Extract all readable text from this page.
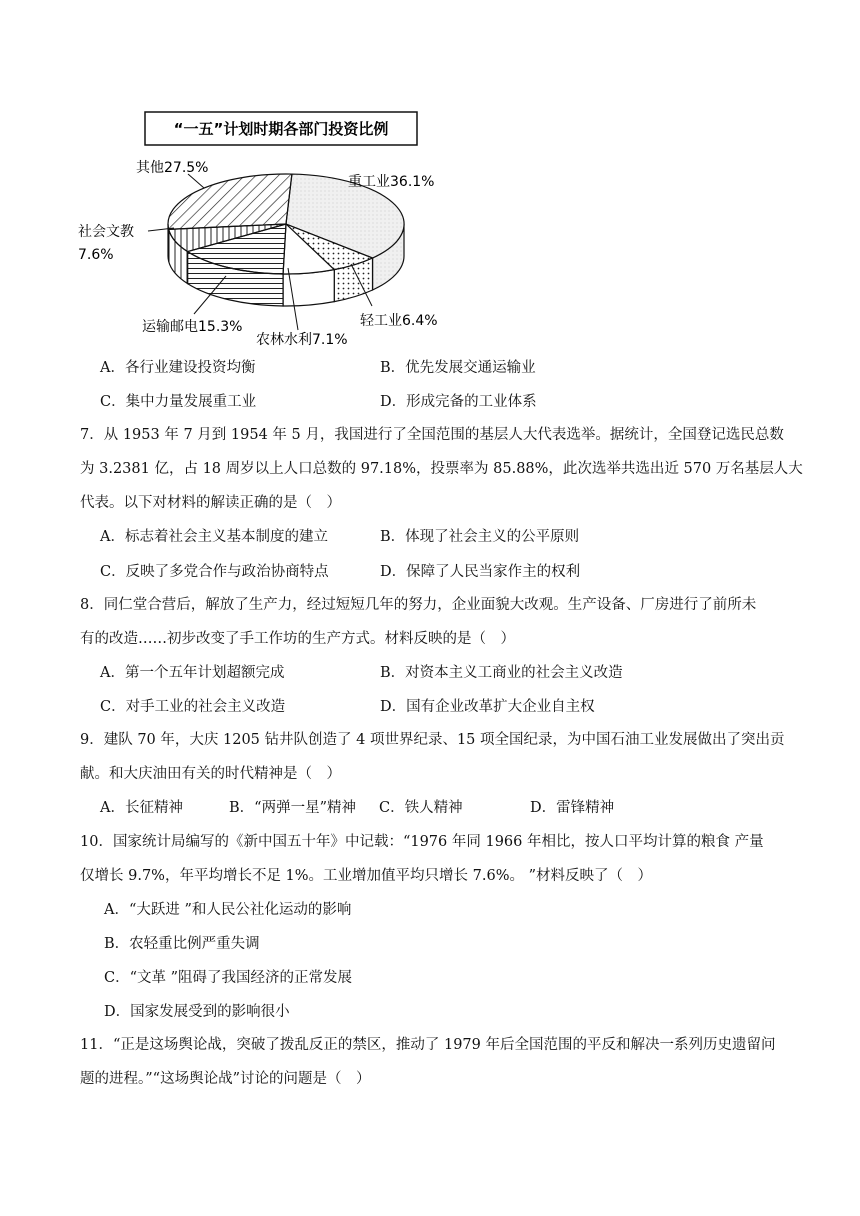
“一五”计划时期各部门投资比例
重工业36.1%
轻工业6.4%
农林水利7.1%
运输邮电15.3%
社会文教
7.6%
其他27.5%
A．各行业建设投资均衡	B．优先发展交通运输业
C．集中力量发展重工业	D．形成完备的工业体系

7．从 1953 年 7 月到 1954 年 5 月，我国进行了全国范围的基层人大代表选举。据统计，全国登记选民总数

为 3.2381 亿，占 18 周岁以上人口总数的 97.18%，投票率为 85.88%，此次选举共选出近 570 万名基层人大

代表。以下对材料的解读正确的是（　）

A．标志着社会主义基本制度的建立	B．体现了社会主义的公平原则
C．反映了多党合作与政治协商特点	D．保障了人民当家作主的权利

8．同仁堂合营后，解放了生产力，经过短短几年的努力，企业面貌大改观。生产设备、厂房进行了前所未

有的改造……初步改变了手工作坊的生产方式。材料反映的是（　）

A．第一个五年计划超额完成	B．对资本主义工商业的社会主义改造
C．对手工业的社会主义改造	D．国有企业改革扩大企业自主权

9．建队 70 年，大庆 1205 钻井队创造了 4 项世界纪录、15 项全国纪录，为中国石油工业发展做出了突出贡

献。和大庆油田有关的时代精神是（　）

A．长征精神	B．“两弹一星”精神 C．铁人精神	D．雷锋精神

10．国家统计局编写的《新中国五十年》中记载：“1976 年同 1966 年相比，按人口平均计算的粮食 产量

仅增长 9.7%，年平均增长不足 1%。工业增加值平均只增长 7.6%。 ”材料反映了（　）

A．“大跃进 ”和人民公社化运动的影响
B．农轻重比例严重失调
C．“文革 ”阻碍了我国经济的正常发展
D．国家发展受到的影响很小

11．“正是这场舆论战，突破了拨乱反正的禁区，推动了 1979 年后全国范围的平反和解决一系列历史遗留问

题的进程。”“这场舆论战”讨论的问题是（　）
